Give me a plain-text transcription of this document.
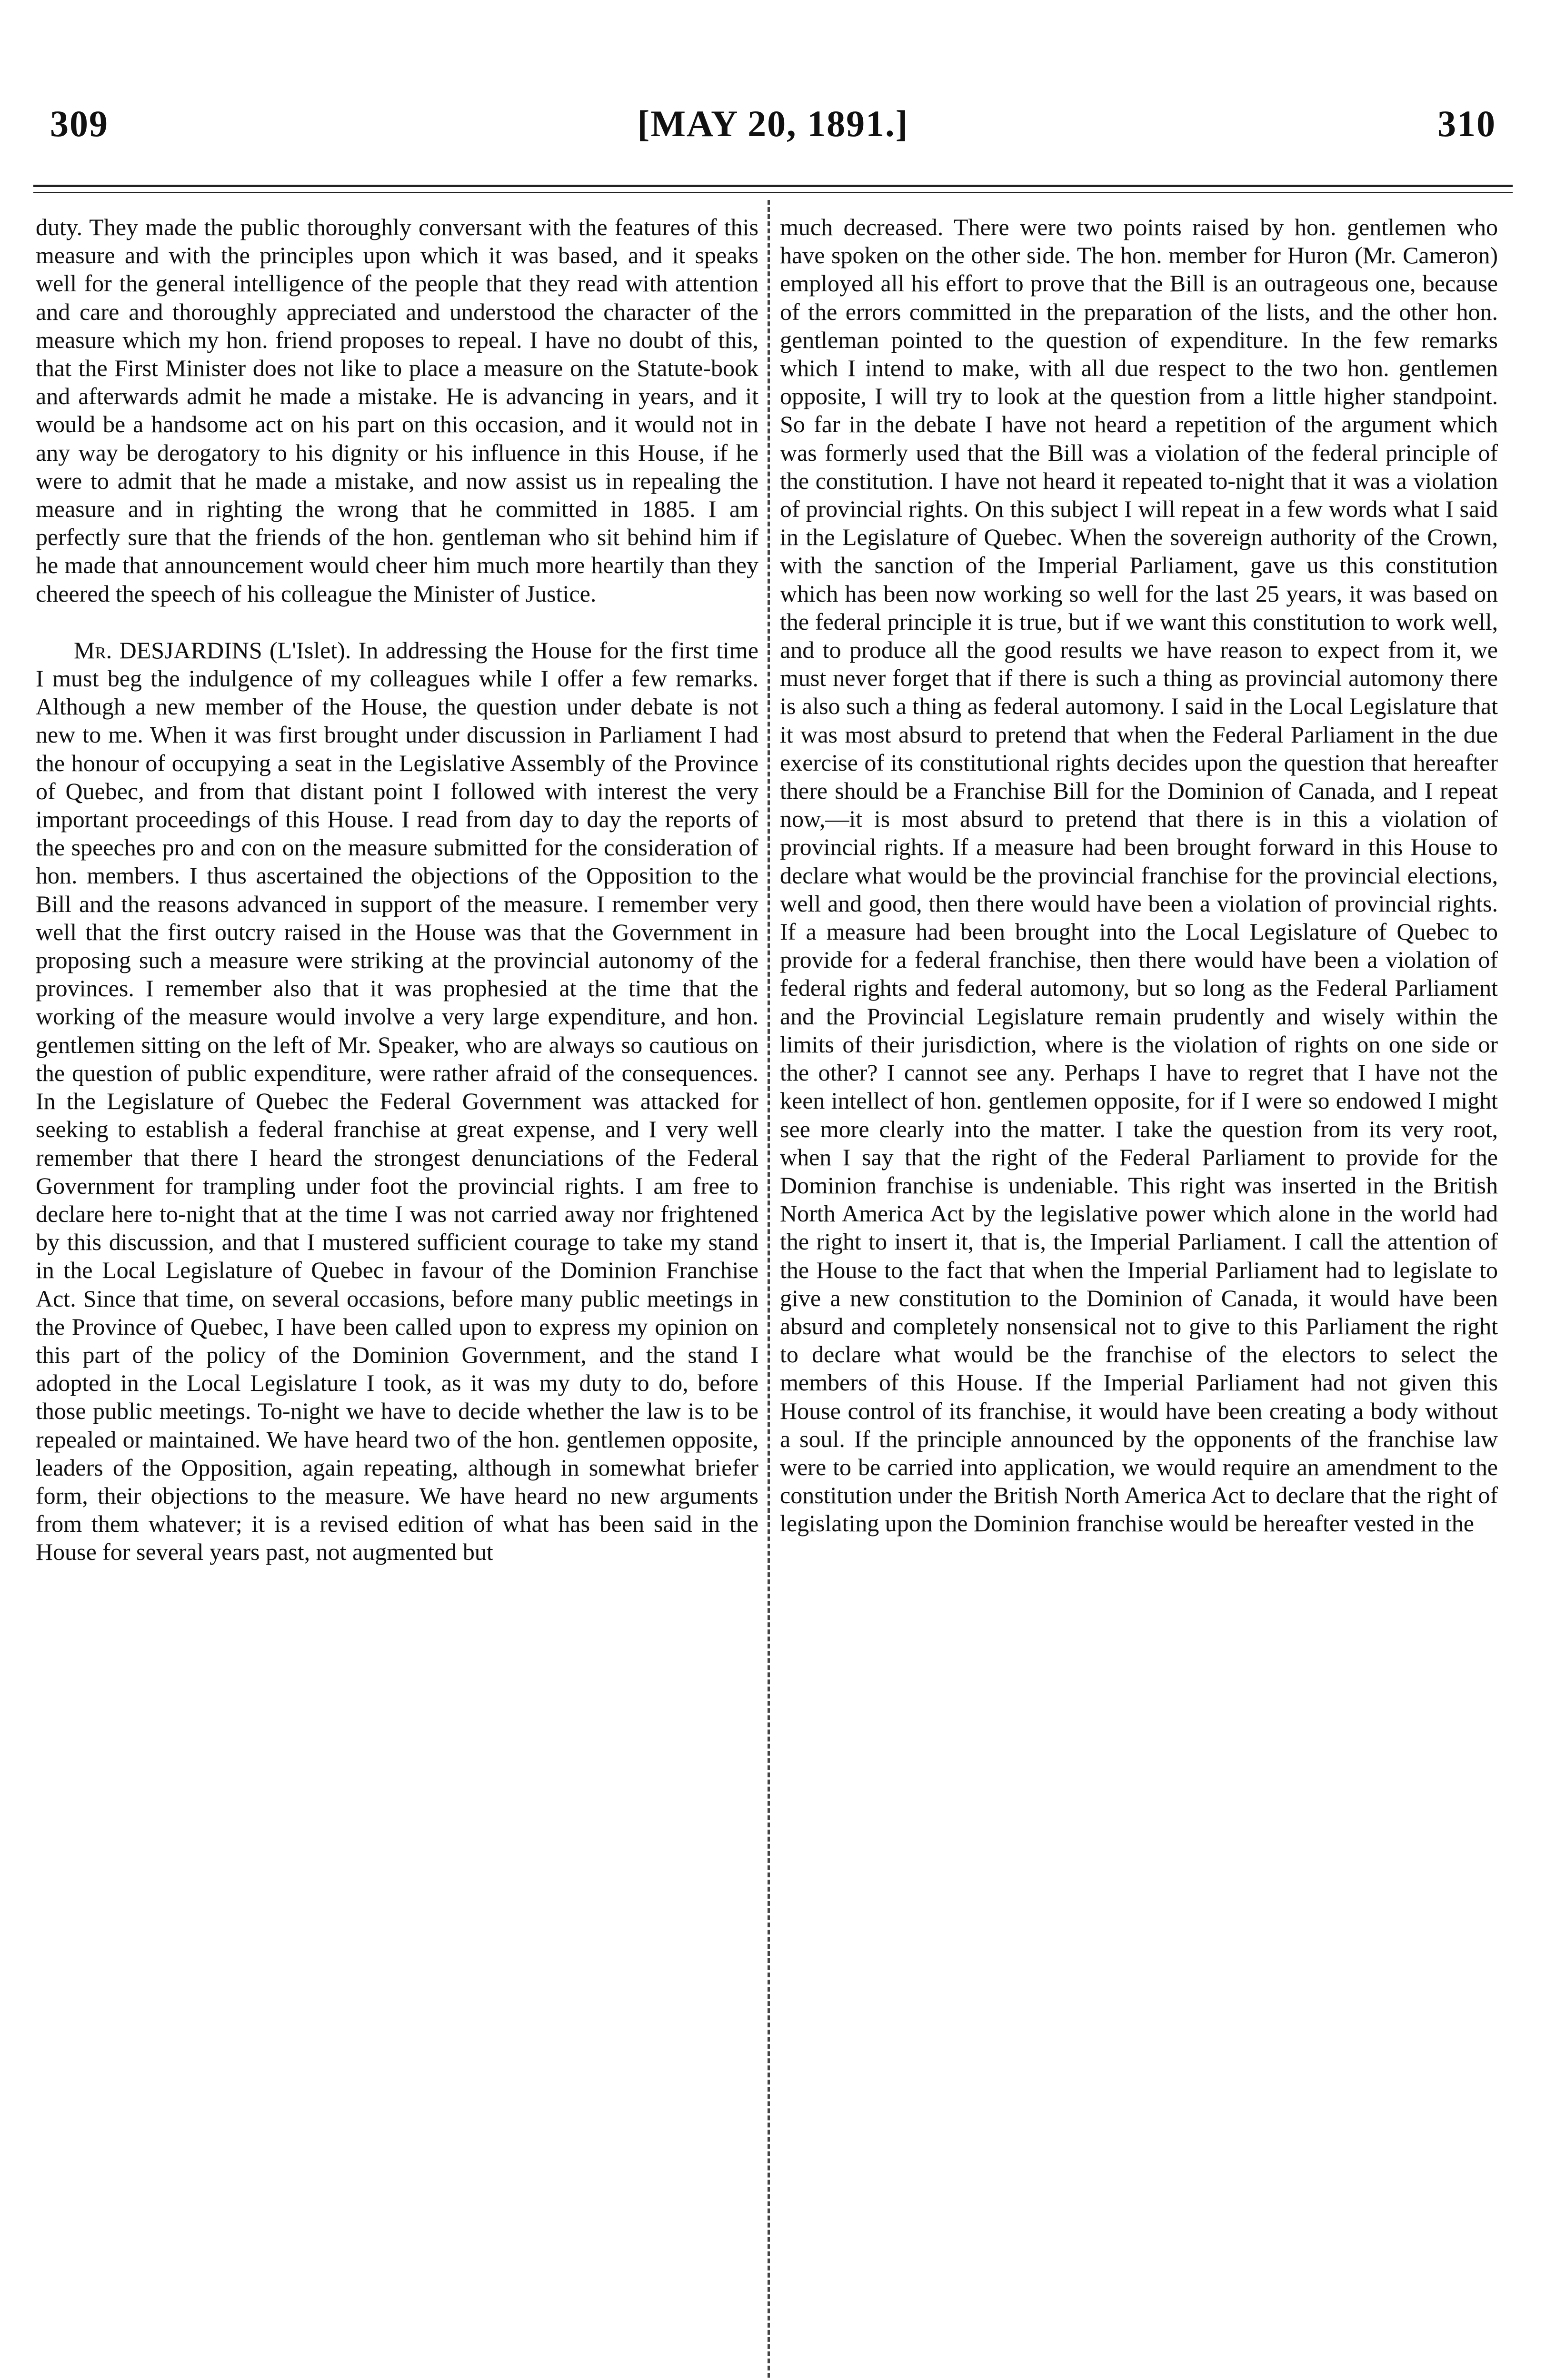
309	[MAY 20, 1891.]	310

duty. They made the public thoroughly conversant with the features of this measure and with the principles upon which it was based, and it speaks well for the general intelligence of the people that they read with attention and care and thoroughly appreciated and understood the character of the measure which my hon. friend proposes to repeal. I have no doubt of this, that the First Minister does not like to place a measure on the Statute-book and afterwards admit he made a mistake. He is advancing in years, and it would be a handsome act on his part on this occasion, and it would not in any way be derogatory to his dignity or his influence in this House, if he were to admit that he made a mistake, and now assist us in repealing the measure and in righting the wrong that he committed in 1885. I am perfectly sure that the friends of the hon. gentleman who sit behind him if he made that announcement would cheer him much more heartily than they cheered the speech of his colleague the Minister of Justice.

Mr. DESJARDINS (L'Islet). In addressing the House for the first time I must beg the indulgence of my colleagues while I offer a few remarks. Although a new member of the House, the question under debate is not new to me. When it was first brought under discussion in Parliament I had the honour of occupying a seat in the Legislative Assembly of the Province of Quebec, and from that distant point I followed with interest the very important proceedings of this House. I read from day to day the reports of the speeches pro and con on the measure submitted for the consideration of hon. members. I thus ascertained the objections of the Opposition to the Bill and the reasons advanced in support of the measure. I remember very well that the first outcry raised in the House was that the Government in proposing such a measure were striking at the provincial autonomy of the provinces. I remember also that it was prophesied at the time that the working of the measure would involve a very large expenditure, and hon. gentlemen sitting on the left of Mr. Speaker, who are always so cautious on the question of public expenditure, were rather afraid of the consequences. In the Legislature of Quebec the Federal Government was attacked for seeking to establish a federal franchise at great expense, and I very well remember that there I heard the strongest denunciations of the Federal Government for trampling under foot the provincial rights. I am free to declare here to-night that at the time I was not carried away nor frightened by this discussion, and that I mustered sufficient courage to take my stand in the Local Legislature of Quebec in favour of the Dominion Franchise Act. Since that time, on several occasions, before many public meetings in the Province of Quebec, I have been called upon to express my opinion on this part of the policy of the Dominion Government, and the stand I adopted in the Local Legislature I took, as it was my duty to do, before those public meetings. To-night we have to decide whether the law is to be repealed or maintained. We have heard two of the hon. gentlemen opposite, leaders of the Opposition, again repeating, although in somewhat briefer form, their objections to the measure. We have heard no new arguments from them whatever; it is a revised edition of what has been said in the House for several years past, not augmented but

much decreased. There were two points raised by hon. gentlemen who have spoken on the other side. The hon. member for Huron (Mr. Cameron) employed all his effort to prove that the Bill is an outrageous one, because of the errors committed in the preparation of the lists, and the other hon. gentleman pointed to the question of expenditure. In the few remarks which I intend to make, with all due respect to the two hon. gentlemen opposite, I will try to look at the question from a little higher standpoint. So far in the debate I have not heard a repetition of the argument which was formerly used that the Bill was a violation of the federal principle of the constitution. I have not heard it repeated to-night that it was a violation of provincial rights. On this subject I will repeat in a few words what I said in the Legislature of Quebec. When the sovereign authority of the Crown, with the sanction of the Imperial Parliament, gave us this constitution which has been now working so well for the last 25 years, it was based on the federal principle it is true, but if we want this constitution to work well, and to produce all the good results we have reason to expect from it, we must never forget that if there is such a thing as provincial automony there is also such a thing as federal automony. I said in the Local Legislature that it was most absurd to pretend that when the Federal Parliament in the due exercise of its constitutional rights decides upon the question that hereafter there should be a Franchise Bill for the Dominion of Canada, and I repeat now,—it is most absurd to pretend that there is in this a violation of provincial rights. If a measure had been brought forward in this House to declare what would be the provincial franchise for the provincial elections, well and good, then there would have been a violation of provincial rights. If a measure had been brought into the Local Legislature of Quebec to provide for a federal franchise, then there would have been a violation of federal rights and federal automony, but so long as the Federal Parliament and the Provincial Legislature remain prudently and wisely within the limits of their jurisdiction, where is the violation of rights on one side or the other? I cannot see any. Perhaps I have to regret that I have not the keen intellect of hon. gentlemen opposite, for if I were so endowed I might see more clearly into the matter. I take the question from its very root, when I say that the right of the Federal Parliament to provide for the Dominion franchise is undeniable. This right was inserted in the British North America Act by the legislative power which alone in the world had the right to insert it, that is, the Imperial Parliament. I call the attention of the House to the fact that when the Imperial Parliament had to legislate to give a new constitution to the Dominion of Canada, it would have been absurd and completely nonsensical not to give to this Parliament the right to declare what would be the franchise of the electors to select the members of this House. If the Imperial Parliament had not given this House control of its franchise, it would have been creating a body without a soul. If the principle announced by the opponents of the franchise law were to be carried into application, we would require an amendment to the constitution under the British North America Act to declare that the right of legislating upon the Dominion franchise would be hereafter vested in the
